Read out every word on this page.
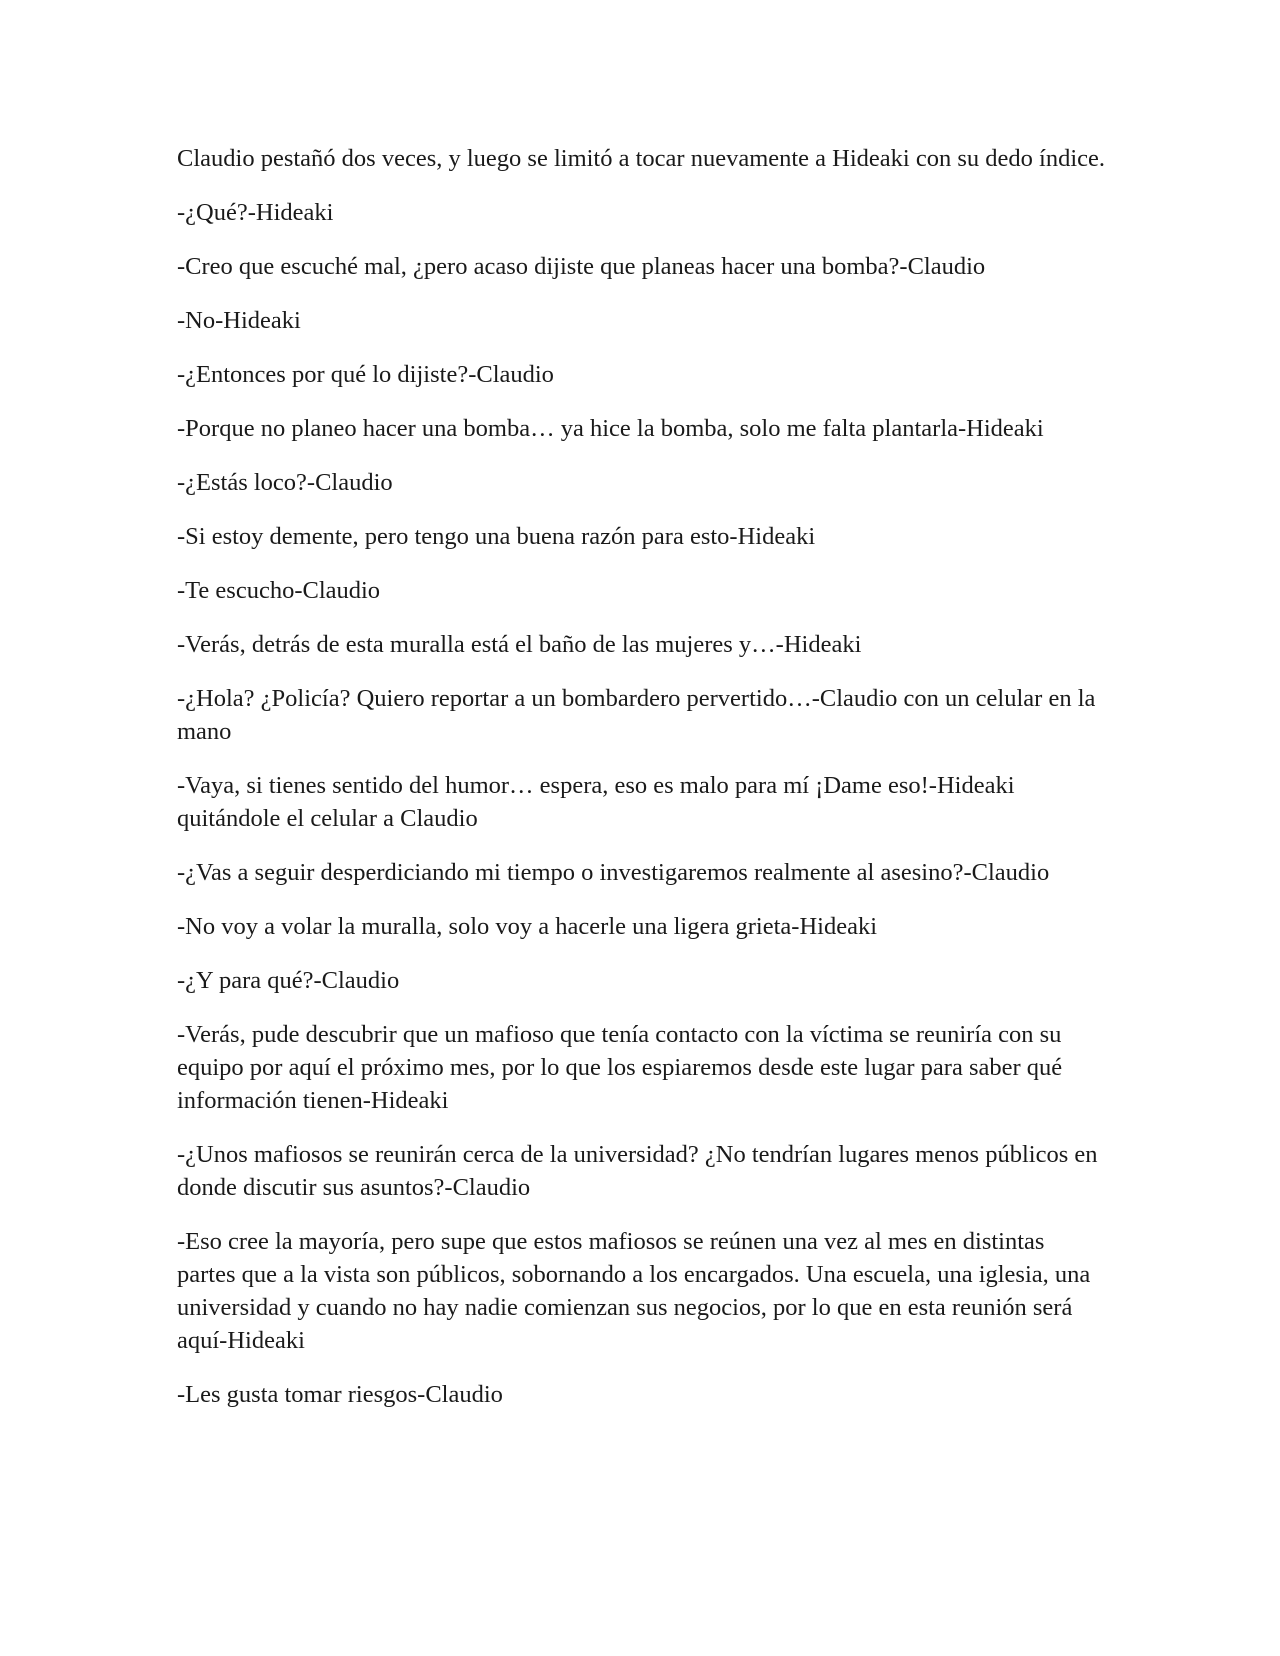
Claudio pestañó dos veces, y luego se limitó a tocar nuevamente a Hideaki con su dedo índice.

-¿Qué?-Hideaki

-Creo que escuché mal, ¿pero acaso dijiste que planeas hacer una bomba?-Claudio

-No-Hideaki

-¿Entonces por qué lo dijiste?-Claudio

-Porque no planeo hacer una bomba… ya hice la bomba, solo me falta plantarla-Hideaki

-¿Estás loco?-Claudio

-Si estoy demente, pero tengo una buena razón para esto-Hideaki

-Te escucho-Claudio

-Verás, detrás de esta muralla está el baño de las mujeres y…-Hideaki

-¿Hola? ¿Policía? Quiero reportar a un bombardero pervertido…-Claudio con un celular en la mano

-Vaya, si tienes sentido del humor… espera, eso es malo para mí ¡Dame eso!-Hideaki quitándole el celular a Claudio

-¿Vas a seguir desperdiciando mi tiempo o investigaremos realmente al asesino?-Claudio

-No voy a volar la muralla, solo voy a hacerle una ligera grieta-Hideaki

-¿Y para qué?-Claudio

-Verás, pude descubrir que un mafioso que tenía contacto con la víctima se reuniría con su equipo por aquí el próximo mes, por lo que los espiaremos desde este lugar para saber qué información tienen-Hideaki

-¿Unos mafiosos se reunirán cerca de la universidad? ¿No tendrían lugares menos públicos en donde discutir sus asuntos?-Claudio

-Eso cree la mayoría, pero supe que estos mafiosos se reúnen una vez al mes en distintas partes que a la vista son públicos, sobornando a los encargados. Una escuela, una iglesia, una universidad y cuando no hay nadie comienzan sus negocios, por lo que en esta reunión será aquí-Hideaki

-Les gusta tomar riesgos-Claudio
